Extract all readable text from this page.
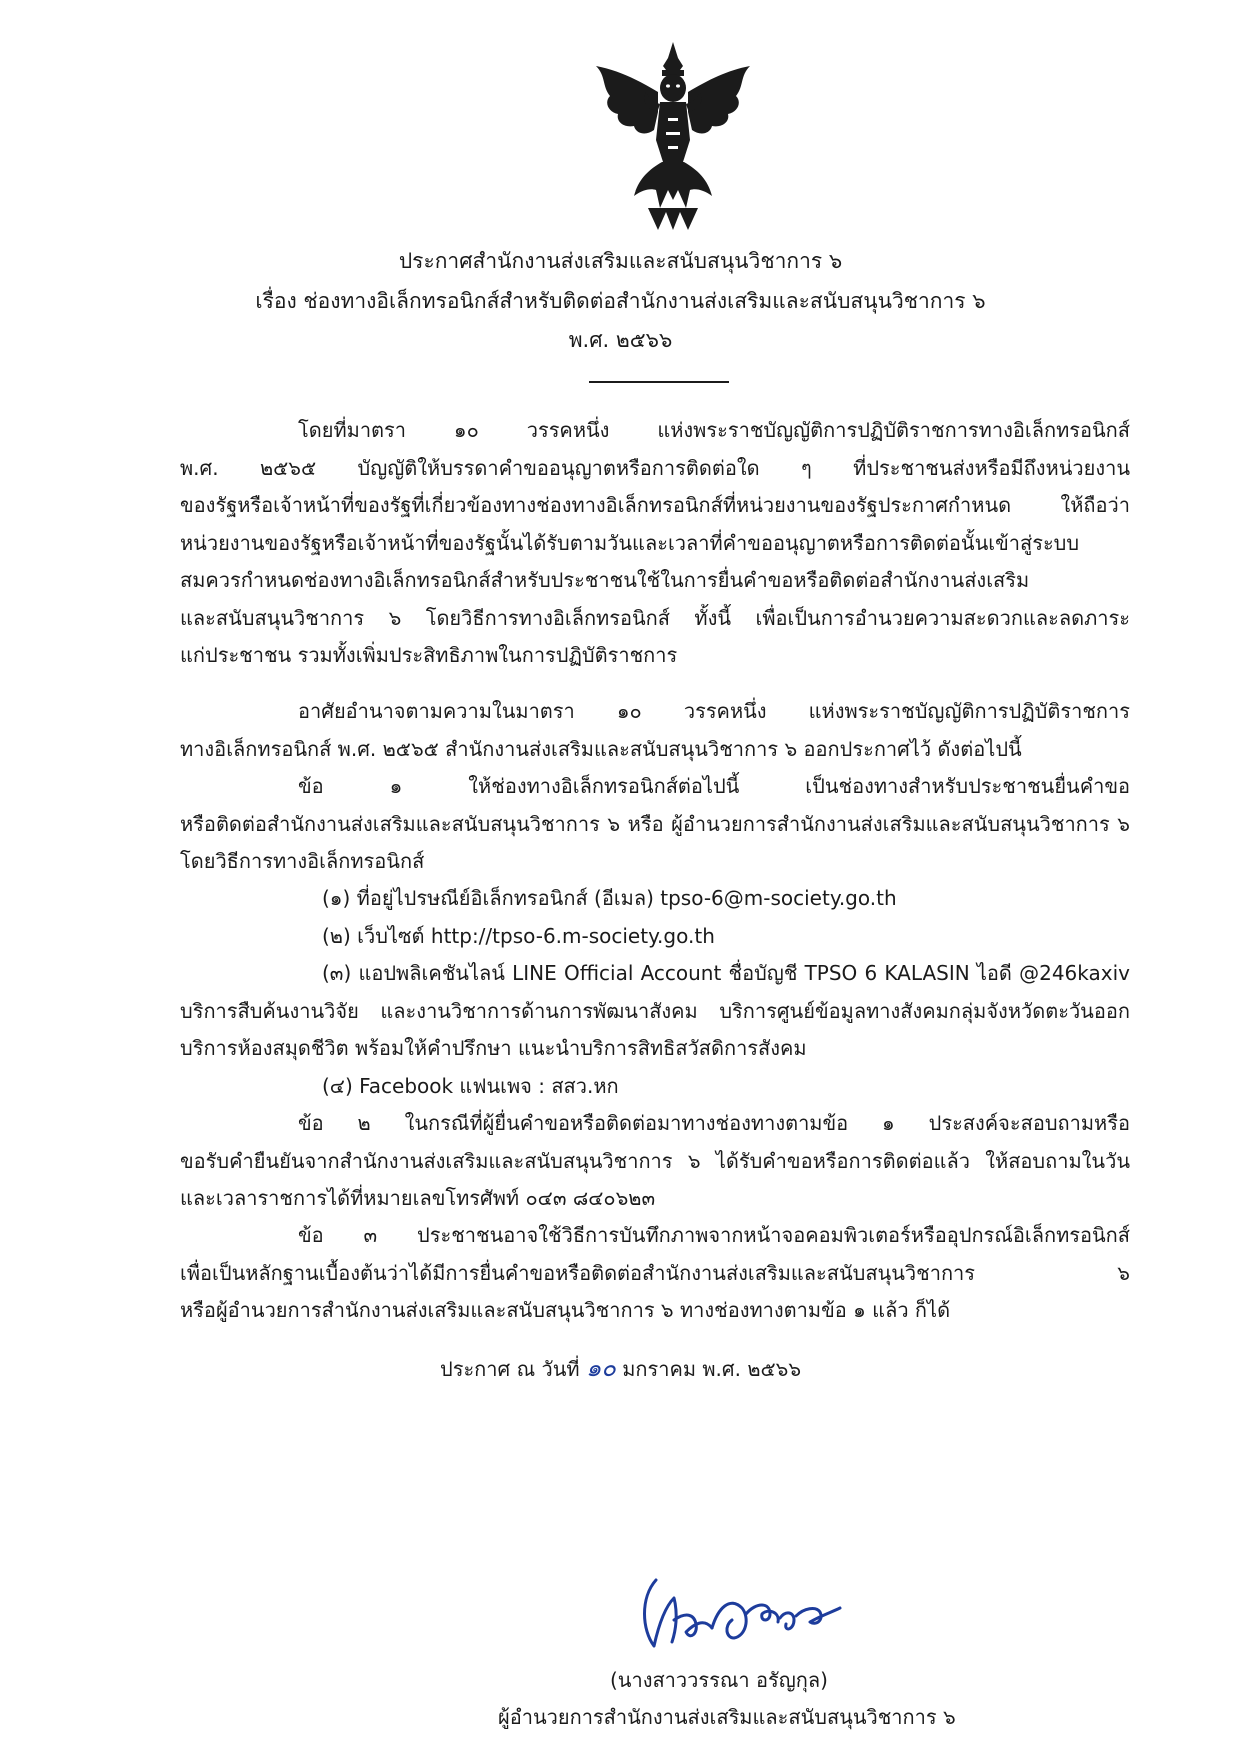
ประกาศสำนักงานส่งเสริมและสนับสนุนวิชาการ ๖
เรื่อง ช่องทางอิเล็กทรอนิกส์สำหรับติดต่อสำนักงานส่งเสริมและสนับสนุนวิชาการ ๖
พ.ศ. ๒๕๖๖
โดยที่มาตรา ๑๐ วรรคหนึ่ง แห่งพระราชบัญญัติการปฏิบัติราชการทางอิเล็กทรอนิกส์
พ.ศ. ๒๕๖๕ บัญญัติให้บรรดาคำขออนุญาตหรือการติดต่อใด ๆ ที่ประชาชนส่งหรือมีถึงหน่วยงาน
ของรัฐหรือเจ้าหน้าที่ของรัฐที่เกี่ยวข้องทางช่องทางอิเล็กทรอนิกส์ที่หน่วยงานของรัฐประกาศกำหนด ให้ถือว่า
หน่วยงานของรัฐหรือเจ้าหน้าที่ของรัฐนั้นได้รับตามวันและเวลาที่คำขออนุญาตหรือการติดต่อนั้นเข้าสู่ระบบ
สมควรกำหนดช่องทางอิเล็กทรอนิกส์สำหรับประชาชนใช้ในการยื่นคำขอหรือติดต่อสำนักงานส่งเสริม
และสนับสนุนวิชาการ ๖ โดยวิธีการทางอิเล็กทรอนิกส์ ทั้งนี้ เพื่อเป็นการอำนวยความสะดวกและลดภาระ
แก่ประชาชน รวมทั้งเพิ่มประสิทธิภาพในการปฏิบัติราชการ
อาศัยอำนาจตามความในมาตรา ๑๐ วรรคหนึ่ง แห่งพระราชบัญญัติการปฏิบัติราชการ
ทางอิเล็กทรอนิกส์ พ.ศ. ๒๕๖๕ สำนักงานส่งเสริมและสนับสนุนวิชาการ ๖ ออกประกาศไว้ ดังต่อไปนี้
ข้อ ๑ ให้ช่องทางอิเล็กทรอนิกส์ต่อไปนี้ เป็นช่องทางสำหรับประชาชนยื่นคำขอ
หรือติดต่อสำนักงานส่งเสริมและสนับสนุนวิชาการ ๖ หรือ ผู้อำนวยการสำนักงานส่งเสริมและสนับสนุนวิชาการ ๖
โดยวิธีการทางอิเล็กทรอนิกส์
(๑) ที่อยู่ไปรษณีย์อิเล็กทรอนิกส์ (อีเมล) tpso-6@m-society.go.th
(๒) เว็บไซต์ http://tpso-6.m-society.go.th
(๓) แอปพลิเคชันไลน์ LINE Official Account ชื่อบัญชี TPSO 6 KALASIN ไอดี @246kaxiv
บริการสืบค้นงานวิจัย และงานวิชาการด้านการพัฒนาสังคม บริการศูนย์ข้อมูลทางสังคมกลุ่มจังหวัดตะวันออก
บริการห้องสมุดชีวิต พร้อมให้คำปรึกษา แนะนำบริการสิทธิสวัสดิการสังคม
(๔) Facebook แฟนเพจ : สสว.หก
ข้อ ๒ ในกรณีที่ผู้ยื่นคำขอหรือติดต่อมาทางช่องทางตามข้อ ๑ ประสงค์จะสอบถามหรือ
ขอรับคำยืนยันจากสำนักงานส่งเสริมและสนับสนุนวิชาการ ๖ ได้รับคำขอหรือการติดต่อแล้ว ให้สอบถามในวัน
และเวลาราชการได้ที่หมายเลขโทรศัพท์ ๐๔๓ ๘๔๐๖๒๓
ข้อ ๓ ประชาชนอาจใช้วิธีการบันทึกภาพจากหน้าจอคอมพิวเตอร์หรืออุปกรณ์อิเล็กทรอนิกส์
เพื่อเป็นหลักฐานเบื้องต้นว่าได้มีการยื่นคำขอหรือติดต่อสำนักงานส่งเสริมและสนับสนุนวิชาการ ๖
หรือผู้อำนวยการสำนักงานส่งเสริมและสนับสนุนวิชาการ ๖ ทางช่องทางตามข้อ ๑ แล้ว ก็ได้
ประกาศ ณ วันที่ ๑๐ มกราคม พ.ศ. ๒๕๖๖
(นางสาววรรณา อรัญกุล)
ผู้อำนวยการสำนักงานส่งเสริมและสนับสนุนวิชาการ ๖
